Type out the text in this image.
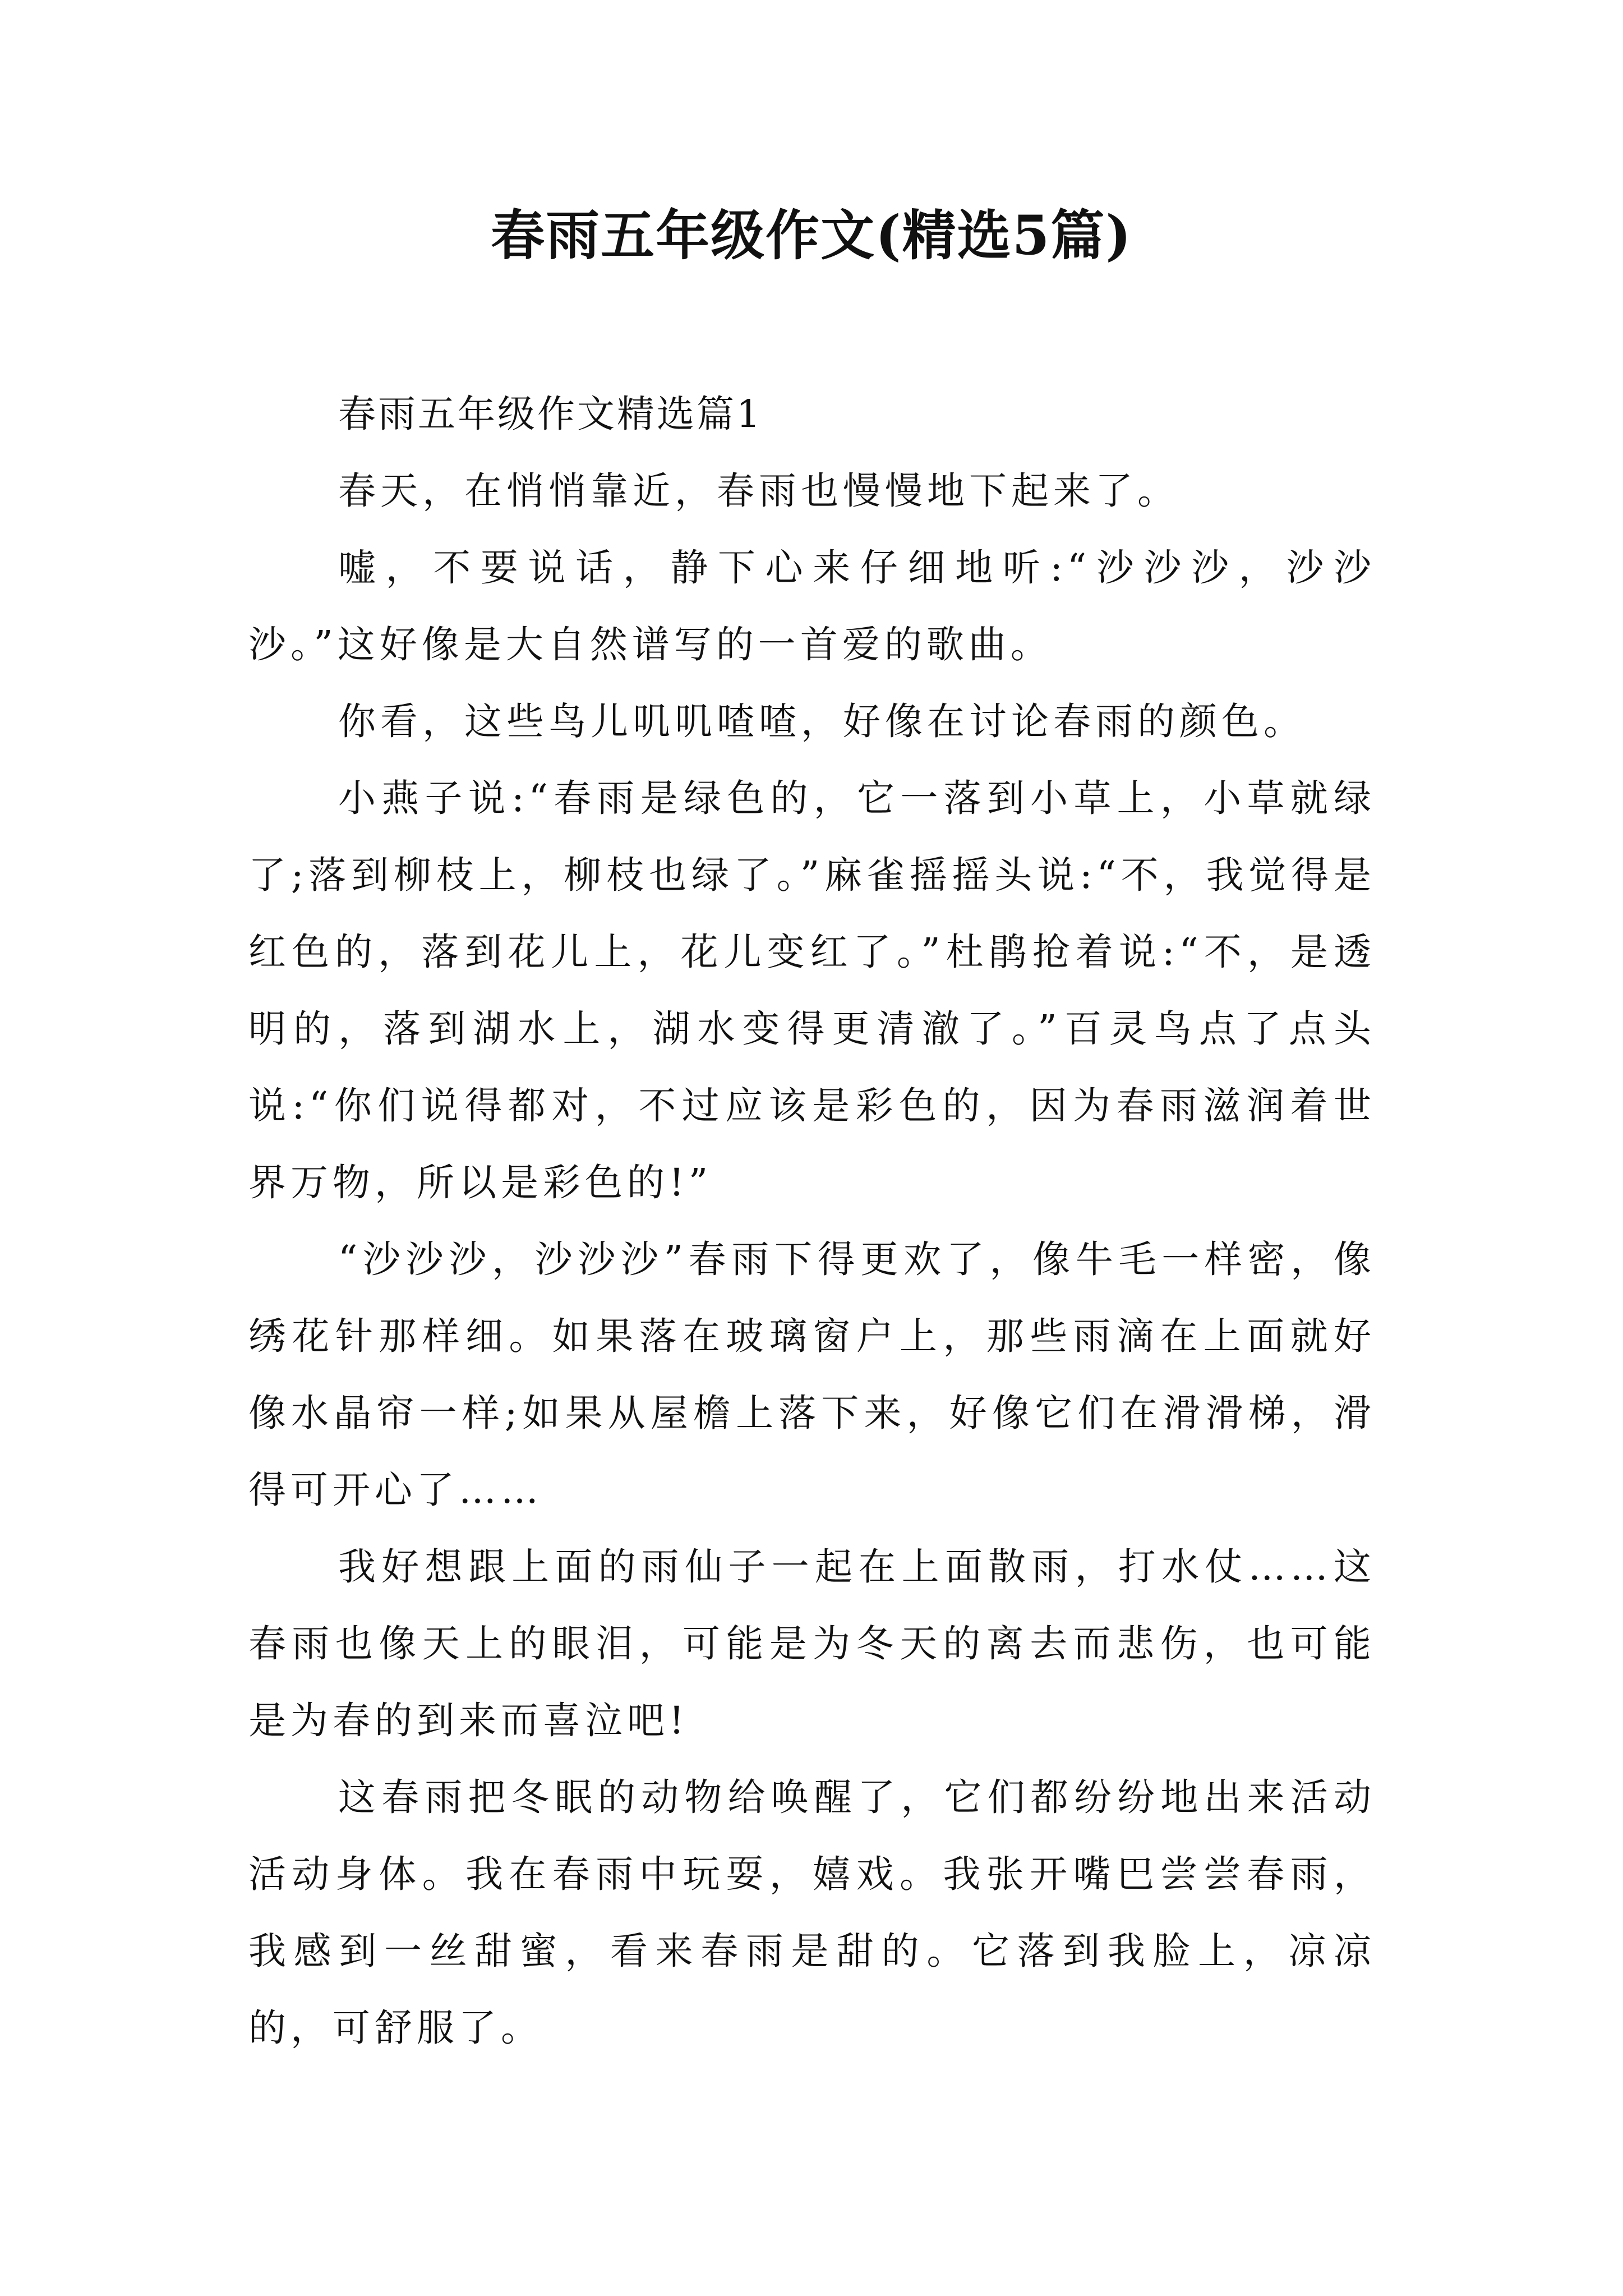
春雨五年级作文(精选5篇)

春雨五年级作文精选篇1

春天，在悄悄靠近，春雨也慢慢地下起来了。

嘘，不要说话，静下心来仔细地听:“沙沙沙，沙沙沙。”这好像是大自然谱写的一首爱的歌曲。

你看，这些鸟儿叽叽喳喳，好像在讨论春雨的颜色。

小燕子说:“春雨是绿色的，它一落到小草上，小草就绿了;落到柳枝上，柳枝也绿了。”麻雀摇摇头说:“不，我觉得是红色的，落到花儿上，花儿变红了。”杜鹃抢着说:“不，是透明的，落到湖水上，湖水变得更清澈了。”百灵鸟点了点头说:“你们说得都对，不过应该是彩色的，因为春雨滋润着世界万物，所以是彩色的!”

“沙沙沙，沙沙沙”春雨下得更欢了，像牛毛一样密，像绣花针那样细。如果落在玻璃窗户上，那些雨滴在上面就好像水晶帘一样;如果从屋檐上落下来，好像它们在滑滑梯，滑得可开心了……

我好想跟上面的雨仙子一起在上面散雨，打水仗……这春雨也像天上的眼泪，可能是为冬天的离去而悲伤，也可能是为春的到来而喜泣吧!

这春雨把冬眠的动物给唤醒了，它们都纷纷地出来活动活动身体。我在春雨中玩耍，嬉戏。我张开嘴巴尝尝春雨，我感到一丝甜蜜，看来春雨是甜的。它落到我脸上，凉凉的，可舒服了。
